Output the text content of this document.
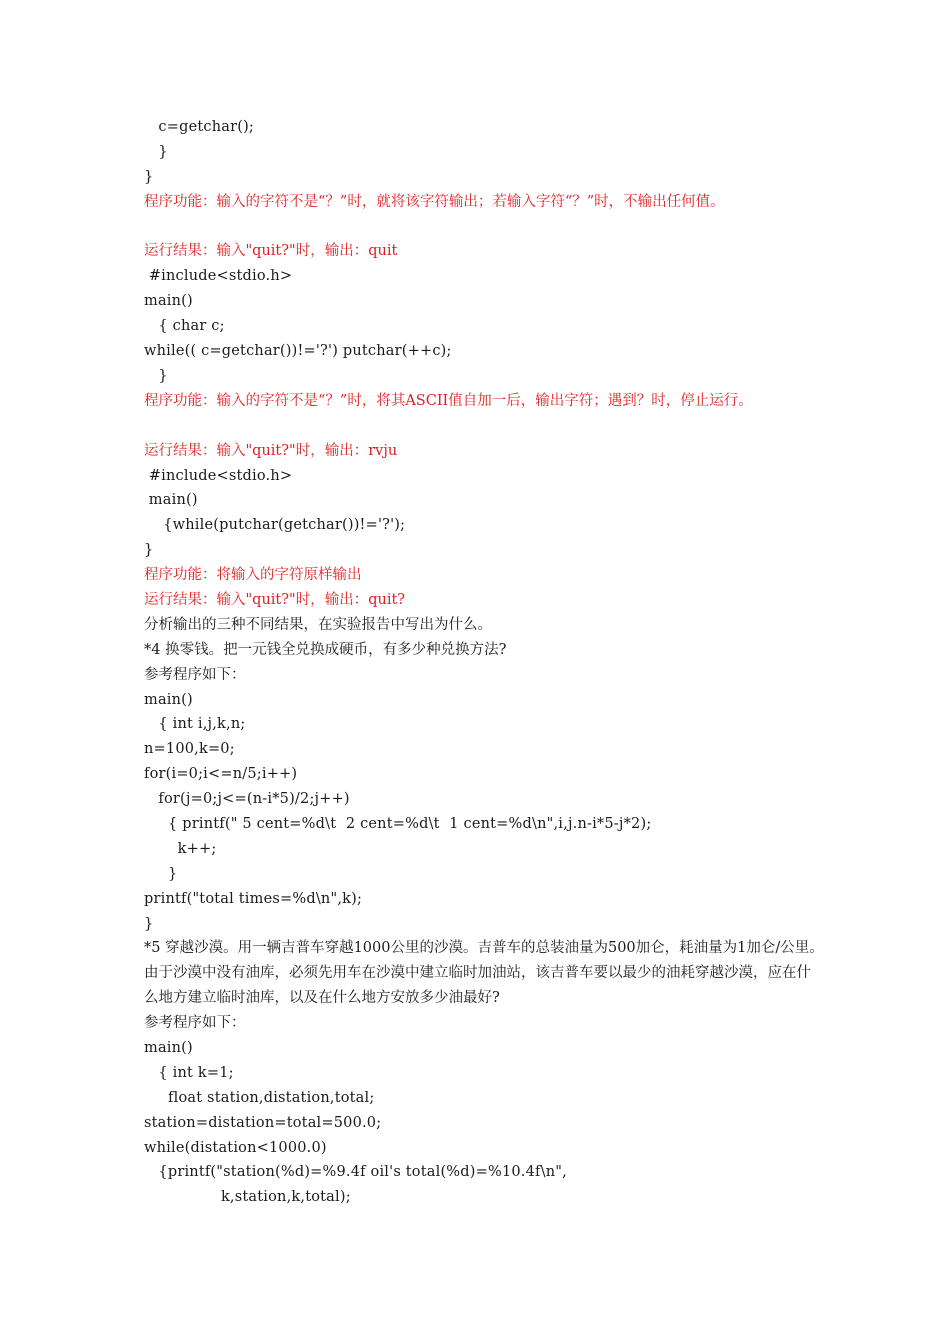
c=getchar();
}
}
程序功能：输入的字符不是“？”时，就将该字符输出；若输入字符“？”时，不输出任何值。
运行结果：输入"quit?"时，输出：quit
#include<stdio.h>
main()
{ char c;
while(( c=getchar())!='?') putchar(++c);
}
程序功能：输入的字符不是“？”时，将其ASCII值自加一后，输出字符；遇到？时，停止运行。
运行结果：输入"quit?"时，输出：rvju
#include<stdio.h>
main()
{while(putchar(getchar())!='?');
}
程序功能：将输入的字符原样输出
运行结果：输入"quit?"时，输出：quit?
分析输出的三种不同结果，在实验报告中写出为什么。
*4 换零钱。把一元钱全兑换成硬币，有多少种兑换方法?
参考程序如下：
main()
{ int i,j,k,n;
n=100,k=0;
for(i=0;i<=n/5;i++)
for(j=0;j<=(n-i*5)/2;j++)
{ printf(" 5 cent=%d\t  2 cent=%d\t  1 cent=%d\n",i,j.n-i*5-j*2);
k++;
}
printf("total times=%d\n",k);
}
*5 穿越沙漠。用一辆吉普车穿越1000公里的沙漠。吉普车的总装油量为500加仑，耗油量为1加仑/公里。由于沙漠中没有油库，必须先用车在沙漠中建立临时加油站，该吉普车要以最少的油耗穿越沙漠，应在什么地方建立临时油库，以及在什么地方安放多少油最好?
参考程序如下：
main()
{ int k=1;
float station,distation,total;
station=distation=total=500.0;
while(distation<1000.0)
{printf("station(%d)=%9.4f oil's total(%d)=%10.4f\n",
k,station,k,total);
